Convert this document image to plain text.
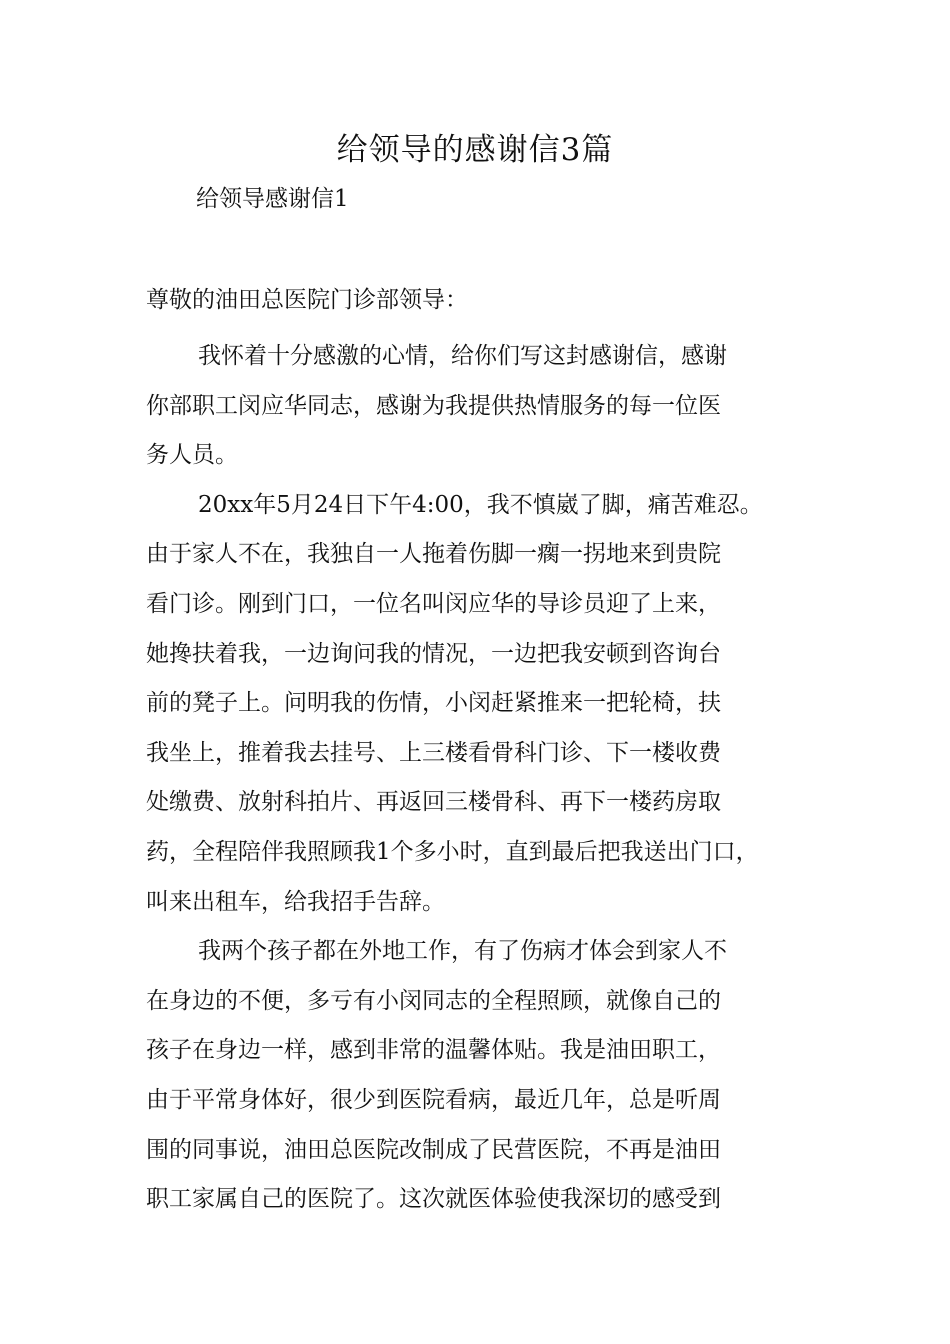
给领导的感谢信3篇
给领导感谢信1
尊敬的油田总医院门诊部领导：

我怀着十分感激的心情，给你们写这封感谢信，感谢
你部职工闵应华同志，感谢为我提供热情服务的每一位医
务人员。

20xx年5月24日下午4:00，我不慎崴了脚，痛苦难忍。
由于家人不在，我独自一人拖着伤脚一瘸一拐地来到贵院
看门诊。刚到门口，一位名叫闵应华的导诊员迎了上来，
她搀扶着我，一边询问我的情况，一边把我安顿到咨询台
前的凳子上。问明我的伤情，小闵赶紧推来一把轮椅，扶
我坐上，推着我去挂号、上三楼看骨科门诊、下一楼收费
处缴费、放射科拍片、再返回三楼骨科、再下一楼药房取
药，全程陪伴我照顾我1个多小时，直到最后把我送出门口，
叫来出租车，给我招手告辞。

我两个孩子都在外地工作，有了伤病才体会到家人不
在身边的不便，多亏有小闵同志的全程照顾，就像自己的
孩子在身边一样，感到非常的温馨体贴。我是油田职工，
由于平常身体好，很少到医院看病，最近几年，总是听周
围的同事说，油田总医院改制成了民营医院，不再是油田
职工家属自己的医院了。这次就医体验使我深切的感受到
